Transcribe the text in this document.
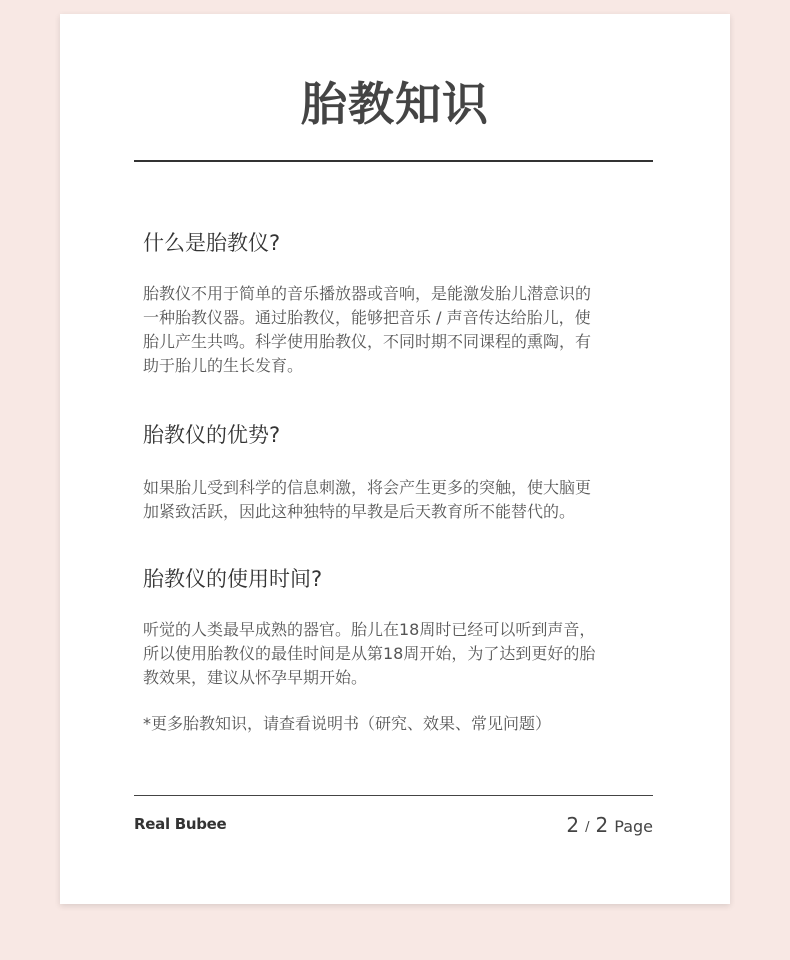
胎教知识
什么是胎教仪?

胎教仪不用于简单的音乐播放器或音响，是能激发胎儿潜意识的
一种胎教仪器。通过胎教仪，能够把音乐 / 声音传达给胎儿，使
胎儿产生共鸣。科学使用胎教仪，不同时期不同课程的熏陶，有
助于胎儿的生长发育。

胎教仪的优势?

如果胎儿受到科学的信息刺激，将会产生更多的突触，使大脑更
加紧致活跃，因此这种独特的早教是后天教育所不能替代的。

胎教仪的使用时间?

听觉的人类最早成熟的器官。胎儿在18周时已经可以听到声音，
所以使用胎教仪的最佳时间是从第18周开始，为了达到更好的胎
教效果，建议从怀孕早期开始。

*更多胎教知识，请查看说明书（研究、效果、常见问题）

Real Bubee	2 / 2 Page
